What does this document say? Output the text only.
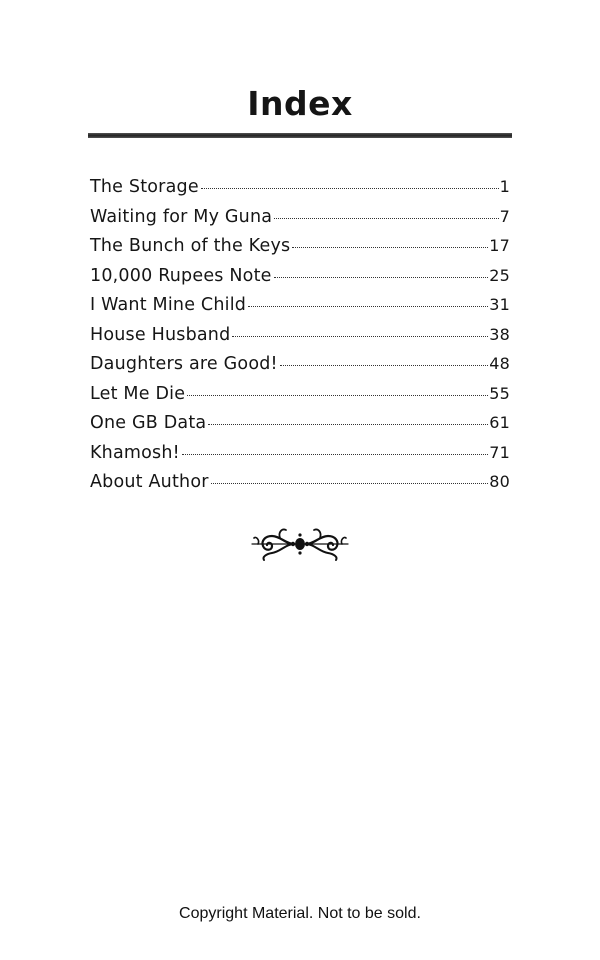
Index
The Storage	1
Waiting for My Guna	7
The Bunch of the Keys	17
10,000 Rupees Note	25
I Want Mine Child	31
House Husband	38
Daughters are Good!	48
Let Me Die	55
One GB Data	61
Khamosh!	71
About Author	80
Copyright Material. Not to be sold.
